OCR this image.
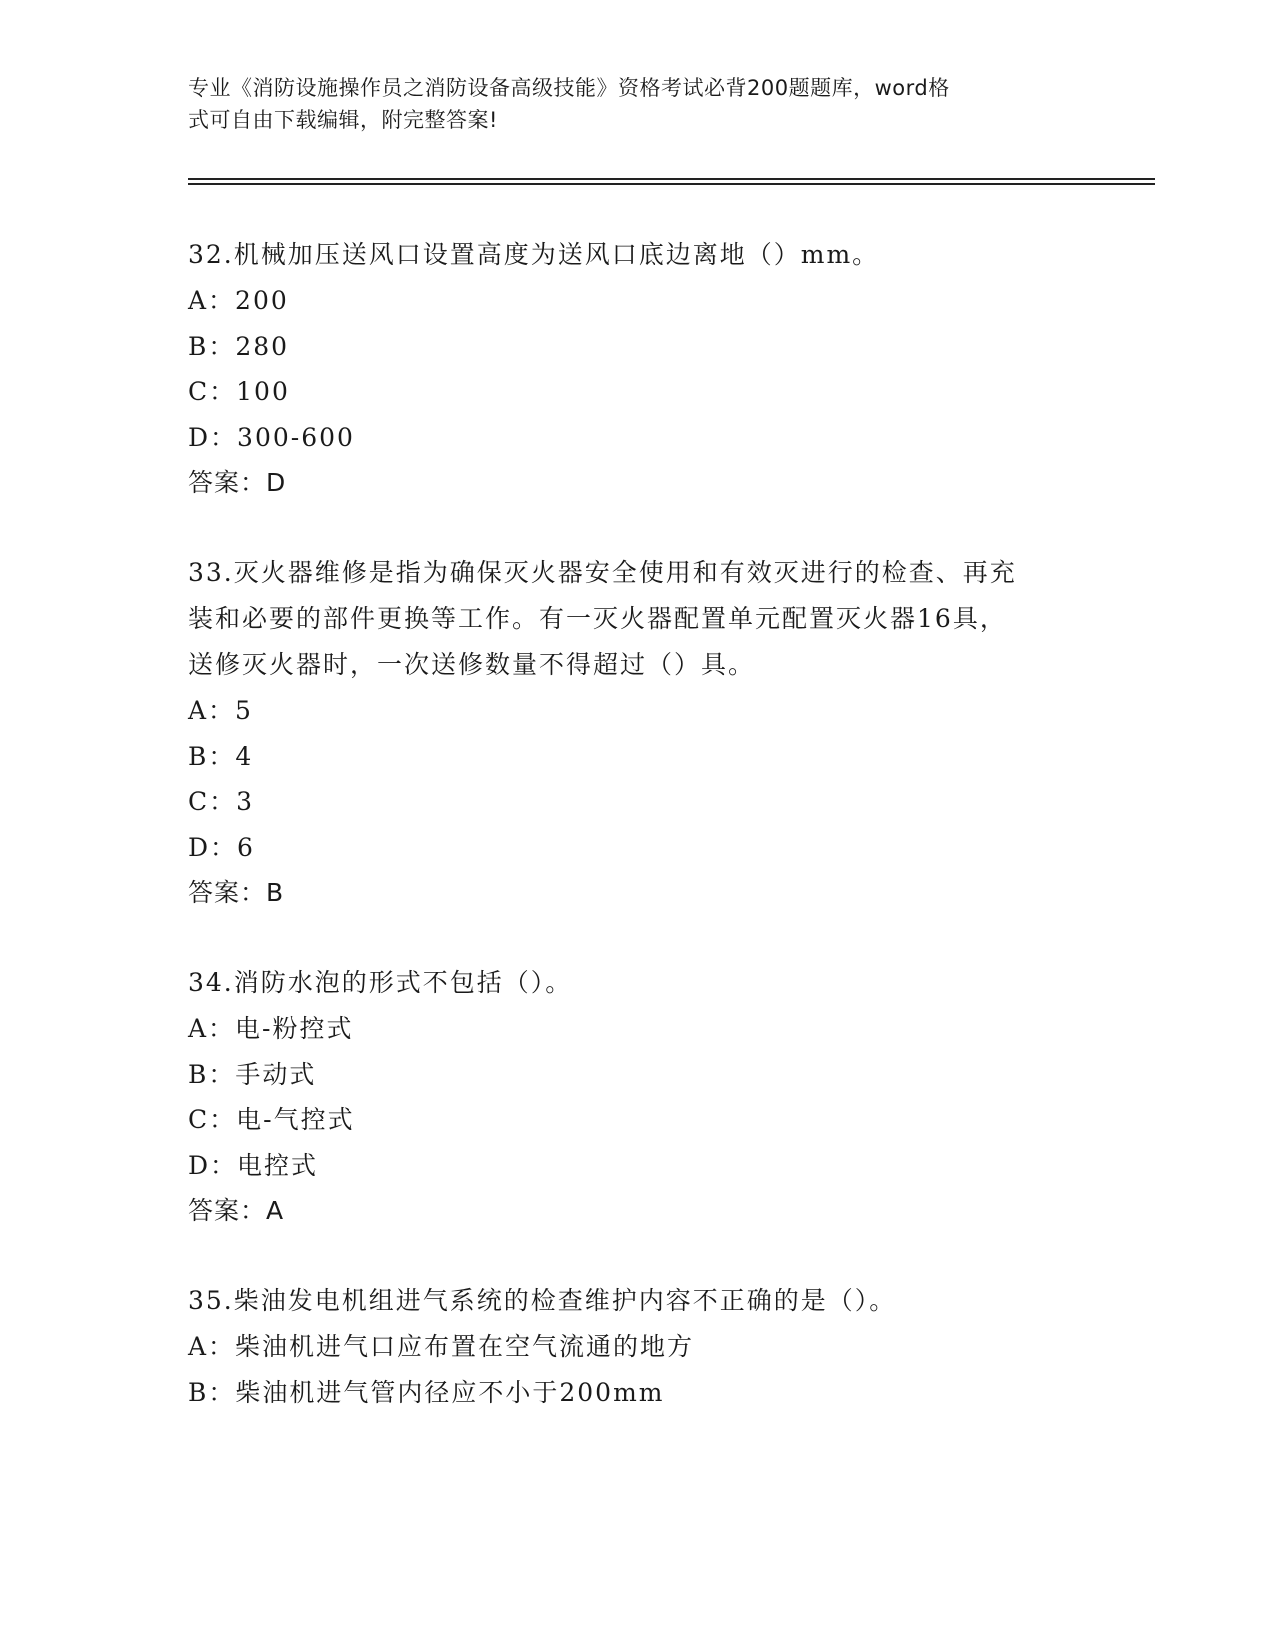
专业《消防设施操作员之消防设备高级技能》资格考试必背200题题库，word格
式可自由下载编辑，附完整答案!

32.机械加压送风口设置高度为送风口底边离地（）mm。

A：200

B：280

C：100

D：300-600

答案：D

33.灭火器维修是指为确保灭火器安全使用和有效灭进行的检查、再充

装和必要的部件更换等工作。有一灭火器配置单元配置灭火器16具，

送修灭火器时，一次送修数量不得超过（）具。

A：5

B：4

C：3

D：6

答案：B

34.消防水泡的形式不包括（）。

A：电-粉控式

B：手动式

C：电-气控式

D：电控式

答案：A

35.柴油发电机组进气系统的检查维护内容不正确的是（）。

A：柴油机进气口应布置在空气流通的地方

B：柴油机进气管内径应不小于200mm
